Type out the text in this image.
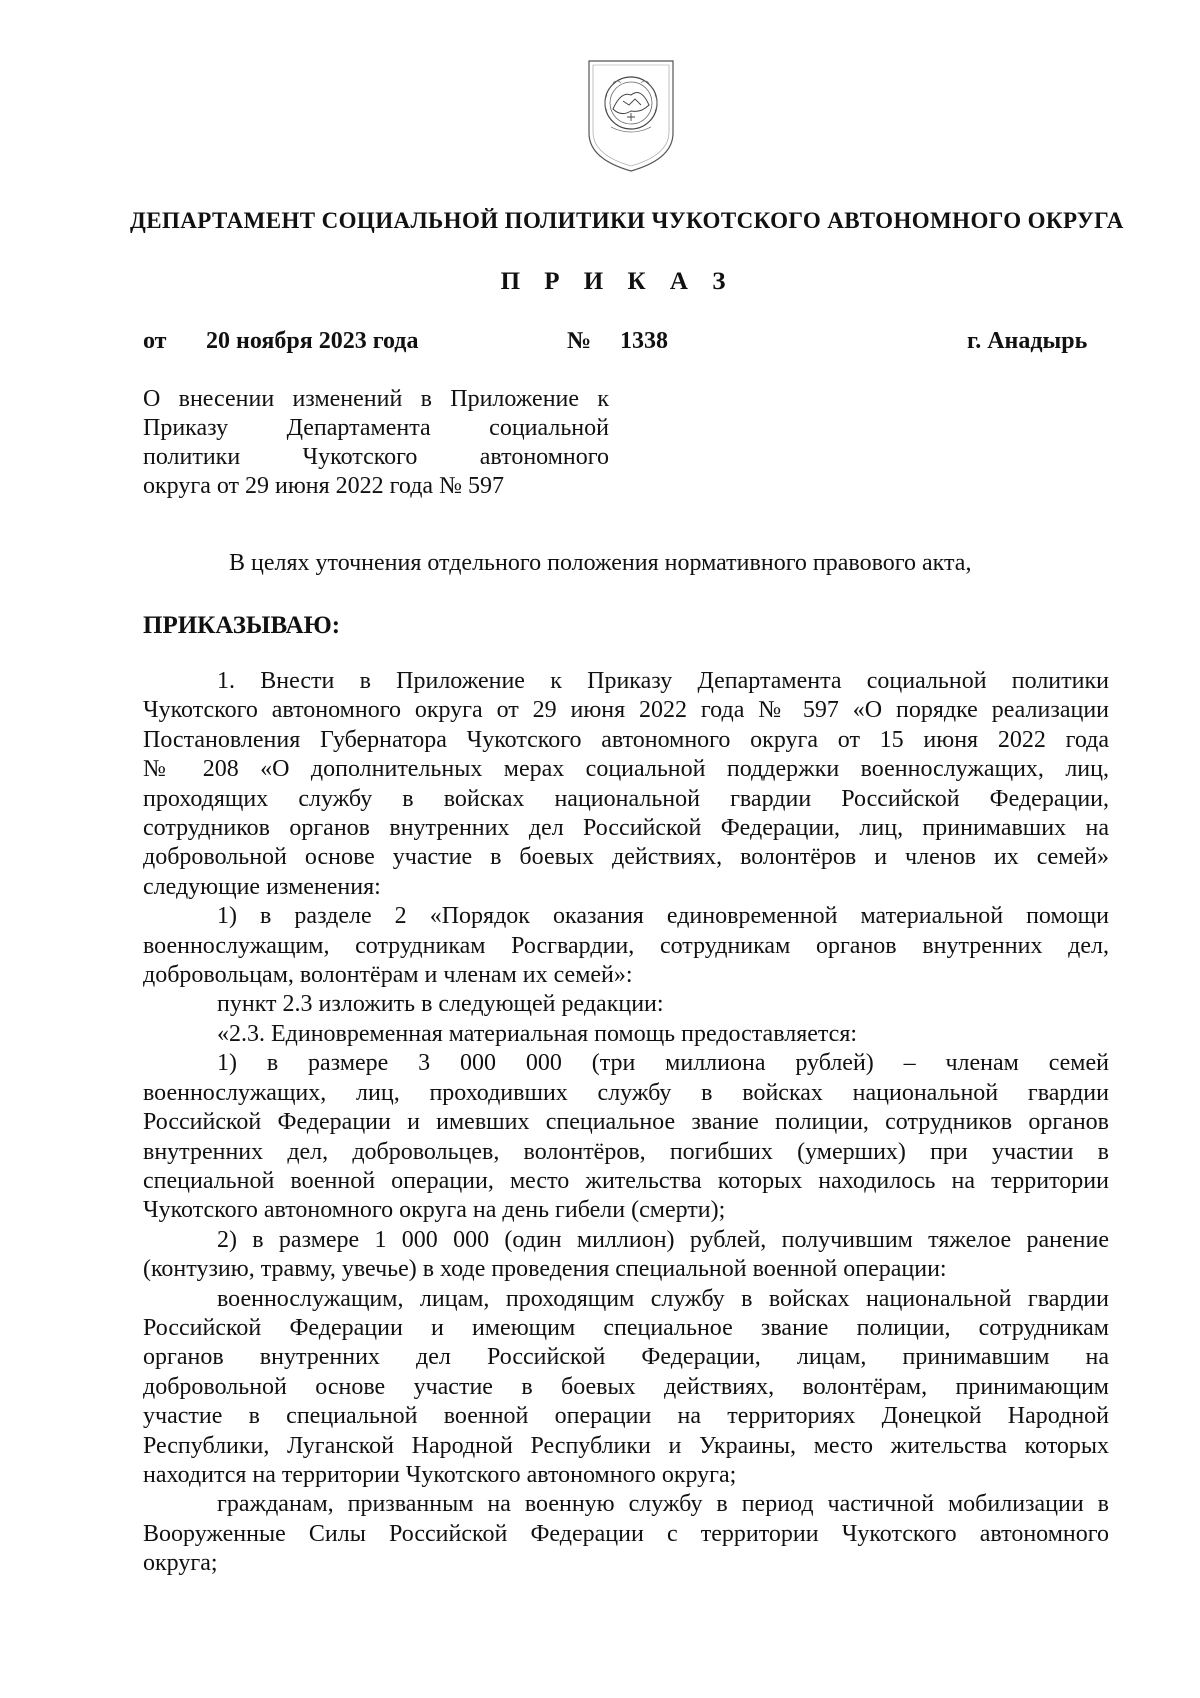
ДЕПАРТАМЕНТ СОЦИАЛЬНОЙ ПОЛИТИКИ ЧУКОТСКОГО АВТОНОМНОГО ОКРУГА
П Р И К А З
от 20 ноября 2023 года	№ 1338	г. Анадырь
О внесении изменений в Приложение к
Приказу Департамента социальной
политики Чукотского автономного
округа от 29 июня 2022 года № 597
В целях уточнения отдельного положения нормативного правового акта,
ПРИКАЗЫВАЮ:
1. Внести в Приложение к Приказу Департамента социальной политики
Чукотского автономного округа от 29 июня 2022 года № 597 «О порядке реализации
Постановления Губернатора Чукотского автономного округа от 15 июня 2022 года
№ 208 «О дополнительных мерах социальной поддержки военнослужащих, лиц,
проходящих службу в войсках национальной гвардии Российской Федерации,
сотрудников органов внутренних дел Российской Федерации, лиц, принимавших на
добровольной основе участие в боевых действиях, волонтёров и членов их семей»
следующие изменения:
1) в разделе 2 «Порядок оказания единовременной материальной помощи
военнослужащим, сотрудникам Росгвардии, сотрудникам органов внутренних дел,
добровольцам, волонтёрам и членам их семей»:
пункт 2.3 изложить в следующей редакции:
«2.3. Единовременная материальная помощь предоставляется:
1) в размере 3 000 000 (три миллиона рублей) – членам семей
военнослужащих, лиц, проходивших службу в войсках национальной гвардии
Российской Федерации и имевших специальное звание полиции, сотрудников органов
внутренних дел, добровольцев, волонтёров, погибших (умерших) при участии в
специальной военной операции, место жительства которых находилось на территории
Чукотского автономного округа на день гибели (смерти);
2) в размере 1 000 000 (один миллион) рублей, получившим тяжелое ранение
(контузию, травму, увечье) в ходе проведения специальной военной операции:
военнослужащим, лицам, проходящим службу в войсках национальной гвардии
Российской Федерации и имеющим специальное звание полиции, сотрудникам
органов внутренних дел Российской Федерации, лицам, принимавшим на
добровольной основе участие в боевых действиях, волонтёрам, принимающим
участие в специальной военной операции на территориях Донецкой Народной
Республики, Луганской Народной Республики и Украины, место жительства которых
находится на территории Чукотского автономного округа;
гражданам, призванным на военную службу в период частичной мобилизации в
Вооруженные Силы Российской Федерации с территории Чукотского автономного
округа;
